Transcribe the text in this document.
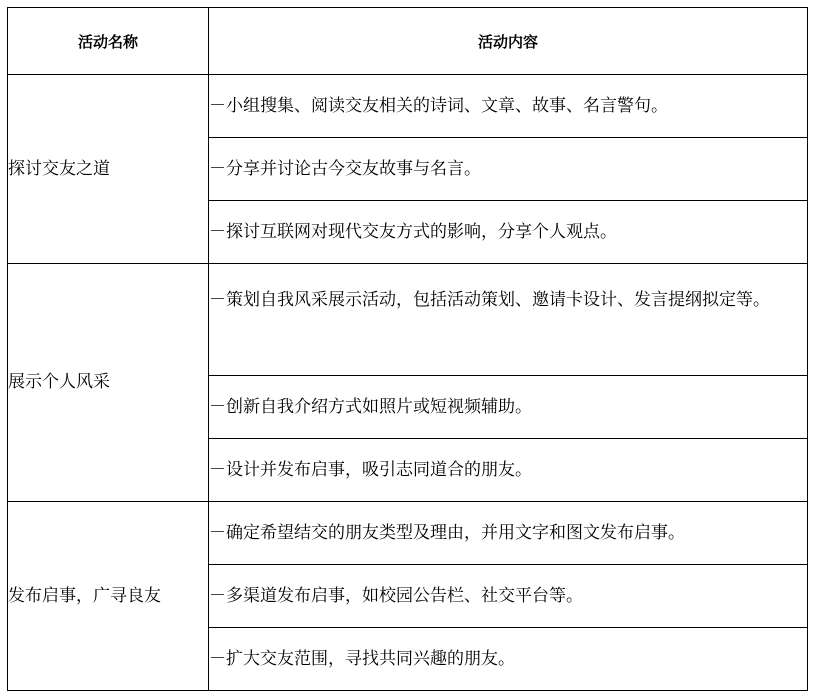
活动名称	活动内容
探讨交友之道	－小组搜集、阅读交友相关的诗词、文章、故事、名言警句。
	－分享并讨论古今交友故事与名言。
	－探讨互联网对现代交友方式的影响，分享个人观点。
展示个人风采	－策划自我风采展示活动，包括活动策划、邀请卡设计、发言提纲拟定等。
	－创新自我介绍方式如照片或短视频辅助。
	－设计并发布启事，吸引志同道合的朋友。
发布启事，广寻良友	－确定希望结交的朋友类型及理由，并用文字和图文发布启事。
	－多渠道发布启事，如校园公告栏、社交平台等。
	－扩大交友范围，寻找共同兴趣的朋友。
